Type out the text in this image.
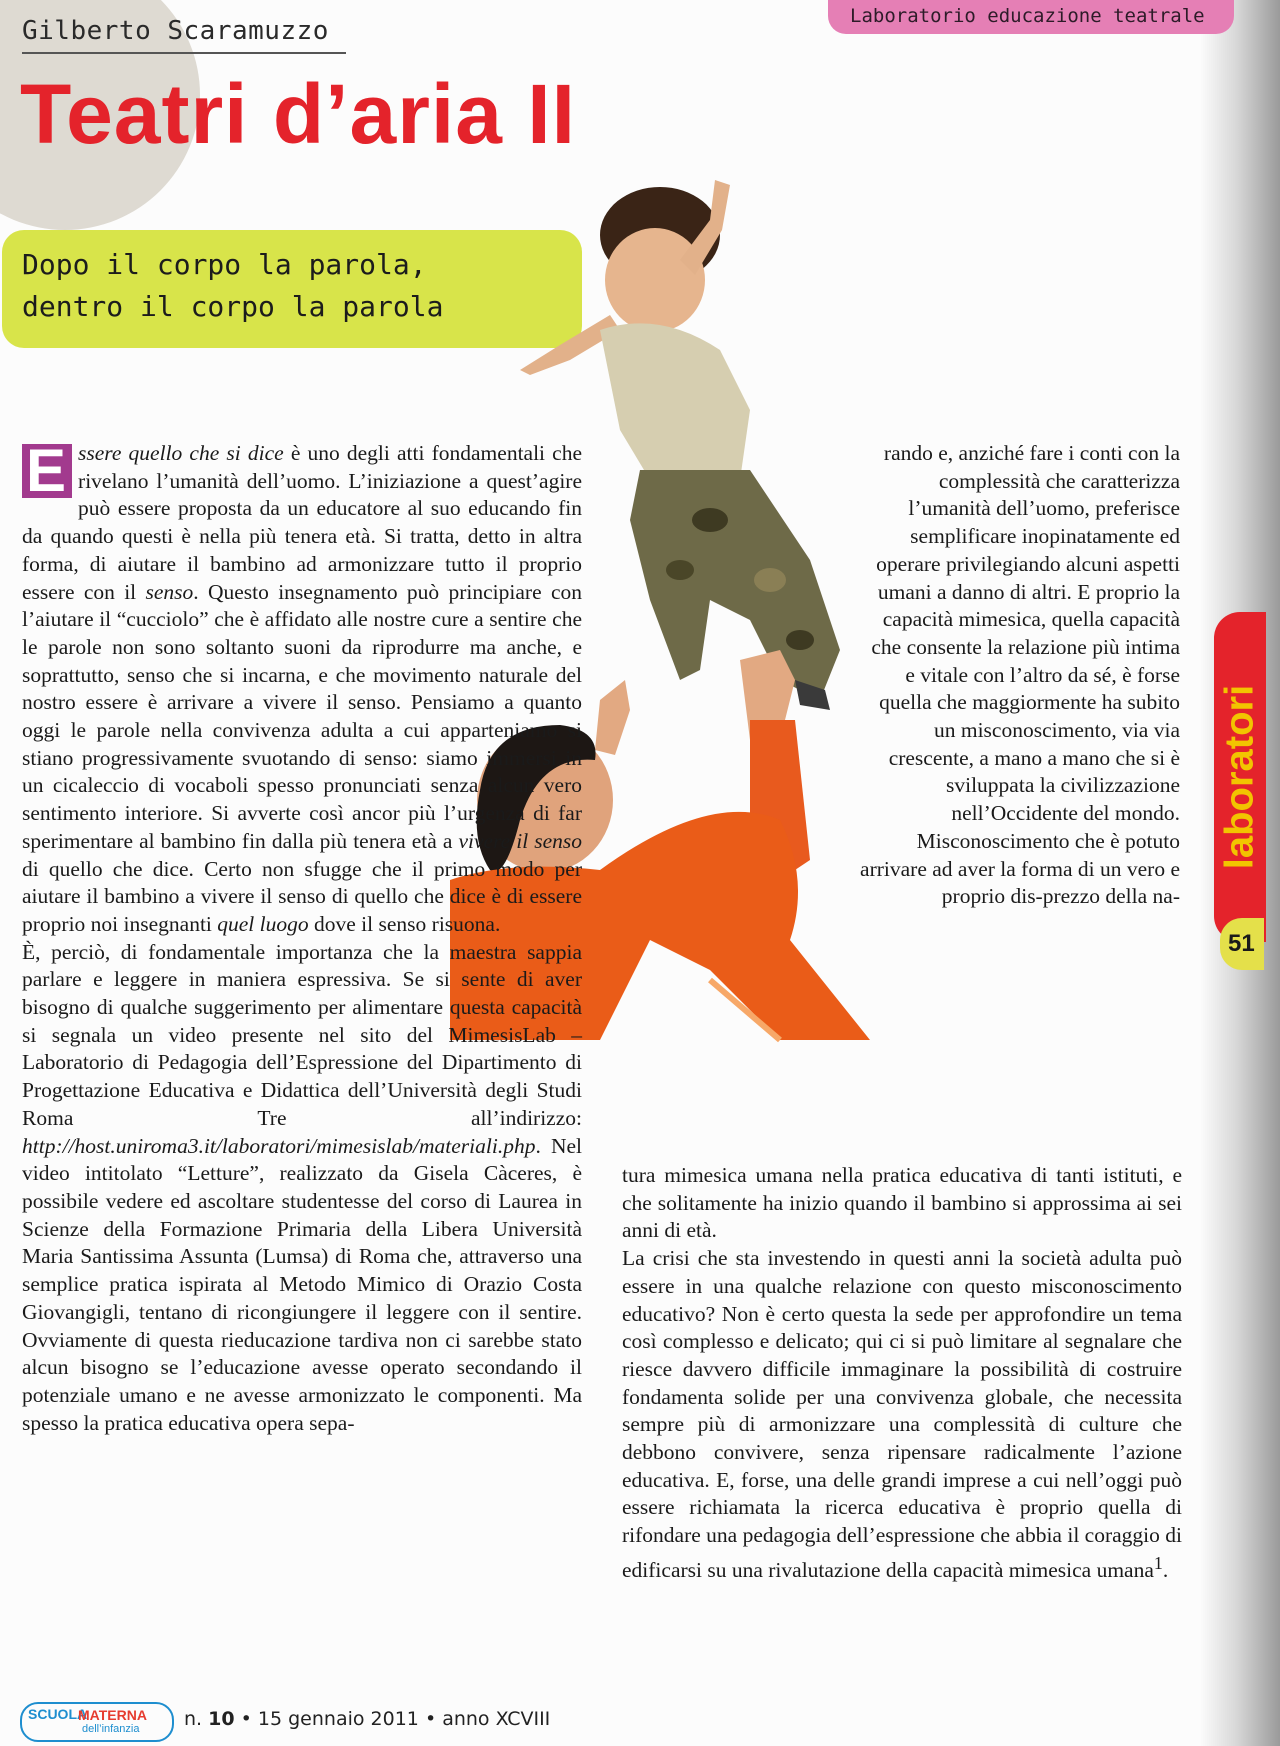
Gilberto Scaramuzzo
Teatri d’aria II
Laboratorio educazione teatrale

Dopo il corpo la parola,

dentro il corpo la parola

E ssere quello che si dice è uno degli atti fondamentali che rivelano l’umanità dell’uomo. L’iniziazione a quest’agire può essere proposta da un educatore al suo educando fin da quando questi è nella più tenera età. Si tratta, detto in altra forma, di aiutare il bambino ad armonizzare tutto il proprio essere con il senso. Questo insegnamento può principiare con l’aiutare il “cucciolo” che è affidato alle nostre cure a sentire che le parole non sono soltanto suoni da riprodurre ma anche, e soprattutto, senso che si incarna, e che movimento naturale del nostro essere è arrivare a vivere il senso. Pensiamo a quanto oggi le parole nella convivenza adulta a cui apparteniamo si stiano progressivamente svuotando di senso: siamo immersi in un cicaleccio di vocaboli spesso pronunciati senza alcun vero sentimento interiore. Si avverte così ancor più l’urgenza di far sperimentare al bambino fin dalla più tenera età a vivere il senso di quello che dice. Certo non sfugge che il primo modo per aiutare il bambino a vivere il senso di quello che dice è di essere proprio noi insegnanti quel luogo dove il senso risuona.
È, perciò, di fondamentale importanza che la maestra sappia parlare e leggere in maniera espressiva. Se si sente di aver bisogno di qualche suggerimento per alimentare questa capacità si segnala un video presente nel sito del MimesisLab – Laboratorio di Pedagogia dell’Espressione del Dipartimento di Progettazione Educativa e Didattica dell’Università degli Studi Roma Tre all’indirizzo: http://host.uniroma3.it/laboratori/mimesislab/materiali.php. Nel video intitolato “Letture”, realizzato da Gisela Càceres, è possibile vedere ed ascoltare studentesse del corso di Laurea in Scienze della Formazione Primaria della Libera Università Maria Santissima Assunta (Lumsa) di Roma che, attraverso una semplice pratica ispirata al Metodo Mimico di Orazio Costa Giovangigli, tentano di ricongiungere il leggere con il sentire. Ovviamente di questa rieducazione tardiva non ci sarebbe stato alcun bisogno se l’educazione avesse operato secondando il potenziale umano e ne avesse armonizzato le componenti. Ma spesso la pratica educativa opera sepa-
rando e, anziché fare i conti con la complessità che caratterizza l’umanità dell’uomo, preferisce semplificare inopinatamente ed operare privilegiando alcuni aspetti umani a danno di altri. E proprio la capacità mimesica, quella capacità che consente la relazione più intima e vitale con l’altro da sé, è forse quella che maggiormente ha subito un misconoscimento, via via crescente, a mano a mano che si è sviluppata la civilizzazione nell’Occidente del mondo. Misconoscimento che è potuto arrivare ad aver la forma di un vero e proprio dis-prezzo della na-
tura mimesica umana nella pratica educativa di tanti istituti, e che solitamente ha inizio quando il bambino si approssima ai sei anni di età.
La crisi che sta investendo in questi anni la società adulta può essere in una qualche relazione con questo misconoscimento educativo? Non è certo questa la sede per approfondire un tema così complesso e delicato; qui ci si può limitare al segnalare che riesce davvero difficile immaginare la possibilità di costruire fondamenta solide per una convivenza globale, che necessita sempre più di armonizzare una complessità di culture che debbono convivere, senza ripensare radicalmente l’azione educativa. E, forse, una delle grandi imprese a cui nell’oggi può essere richiamata la ricerca educativa è proprio quella di rifondare una pedagogia dell’espressione che abbia il coraggio di edificarsi su una rivalutazione della capacità mimesica umana$^1$.
laboratori
51
SCUOLA
MATERNA
dell’infanzia n. 10 • 15 gennaio 2011 • anno XCVIII
